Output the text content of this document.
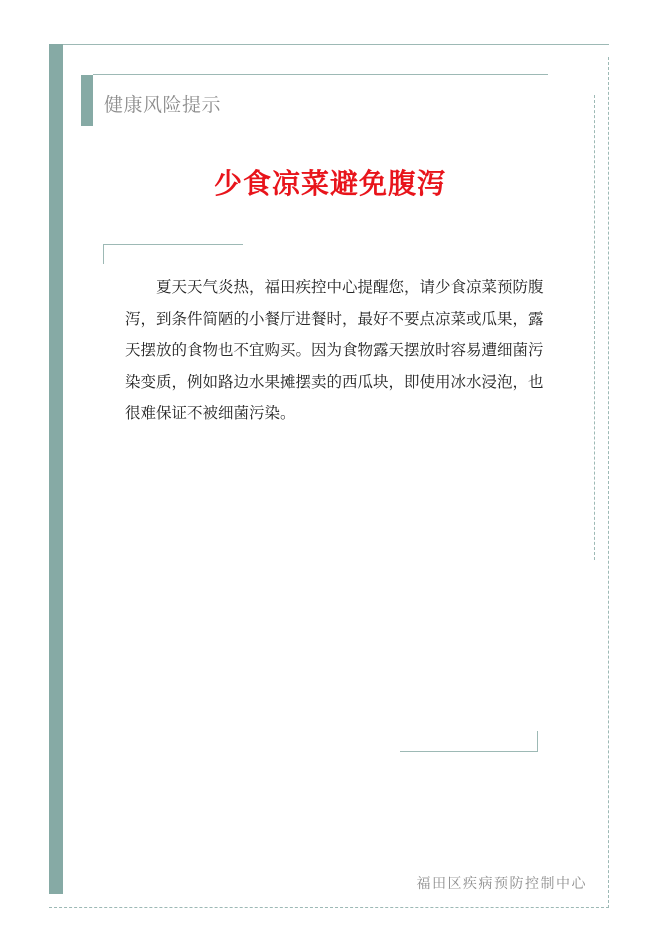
健康风险提示
少食凉菜避免腹泻

夏天天气炎热，福田疾控中心提醒您，请少食凉菜预防腹泻，到条件简陋的小餐厅进餐时，最好不要点凉菜或瓜果，露天摆放的食物也不宜购买。因为食物露天摆放时容易遭细菌污染变质，例如路边水果摊摆卖的西瓜块，即使用冰水浸泡，也很难保证不被细菌污染。

福田区疾病预防控制中心
